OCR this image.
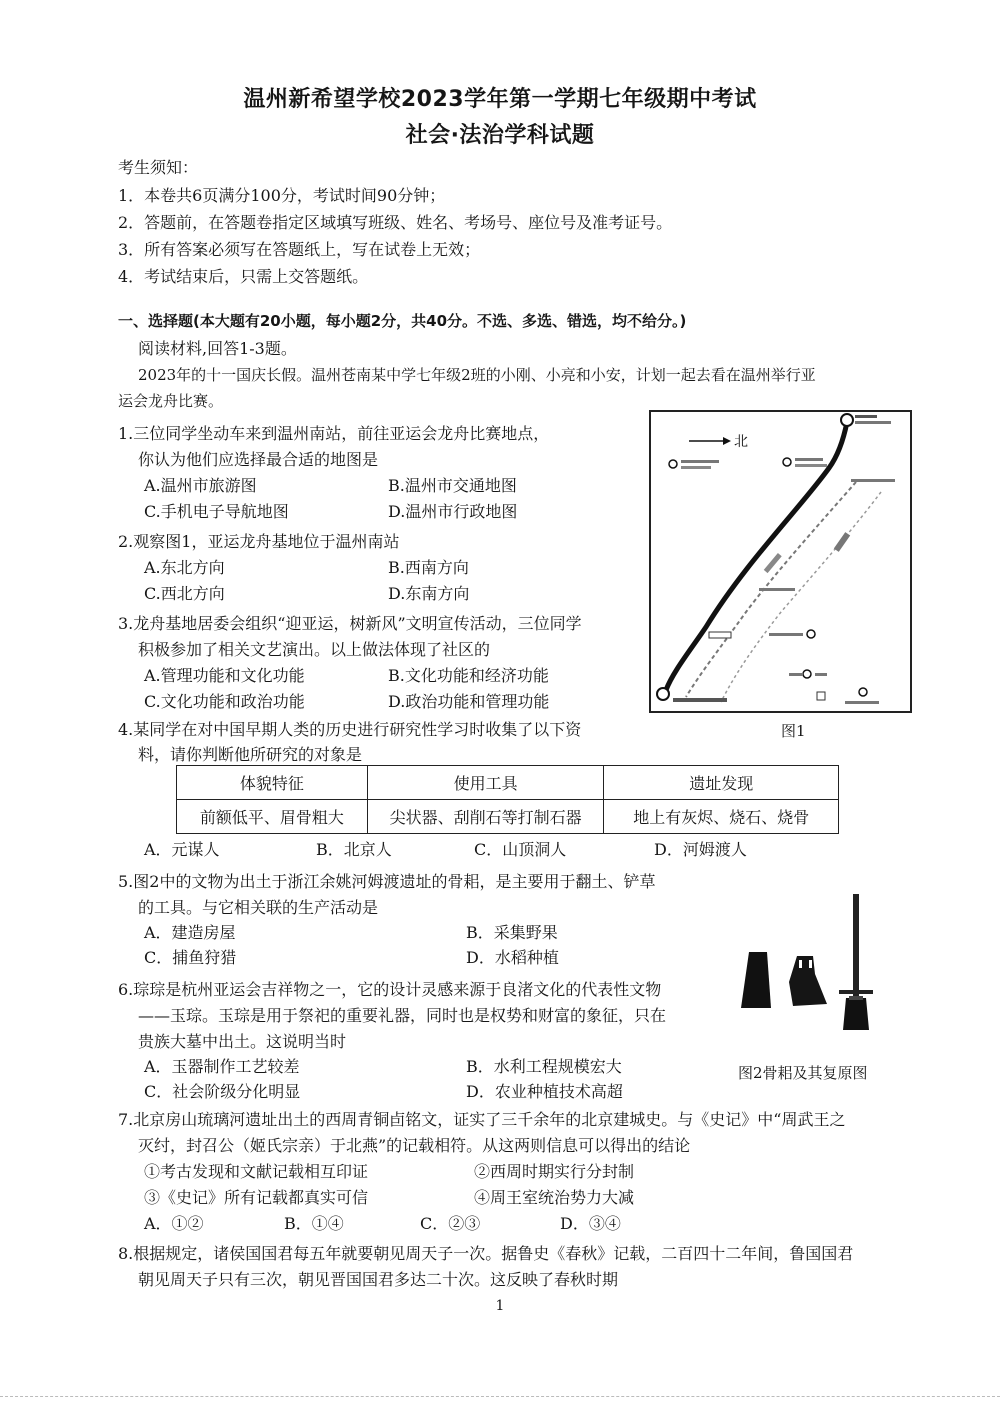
温州新希望学校2023学年第一学期七年级期中考试
社会·法治学科试题
考生须知：
1．本卷共6页满分100分，考试时间90分钟；
2．答题前，在答题卷指定区域填写班级、姓名、考场号、座位号及准考证号。
3．所有答案必须写在答题纸上，写在试卷上无效；
4．考试结束后，只需上交答题纸。
一、选择题(本大题有20小题，每小题2分，共40分。不选、多选、错选，均不给分。)
阅读材料,回答1-3题。
2023年的十一国庆长假。温州苍南某中学七年级2班的小刚、小亮和小安，计划一起去看在温州举行亚
运会龙舟比赛。
1.三位同学坐动车来到温州南站，前往亚运会龙舟比赛地点，
你认为他们应选择最合适的地图是
A.温州市旅游图	B.温州市交通地图
C.手机电子导航地图	D.温州市行政地图
2.观察图1，亚运龙舟基地位于温州南站
A.东北方向	B.西南方向
C.西北方向	D.东南方向
3.龙舟基地居委会组织“迎亚运，树新风”文明宣传活动，三位同学
积极参加了相关文艺演出。以上做法体现了社区的
A.管理功能和文化功能	B.文化功能和经济功能
C.文化功能和政治功能	D.政治功能和管理功能
北
图1
4.某同学在对中国早期人类的历史进行研究性学习时收集了以下资
料，请你判断他所研究的对象是
体貌特征	使用工具	遗址发现
前额低平、眉骨粗大	尖状器、刮削石等打制石器	地上有灰烬、烧石、烧骨
A．元谋人	B．北京人	C．山顶洞人	D．河姆渡人
5.图2中的文物为出土于浙江余姚河姆渡遗址的骨耜，是主要用于翻土、铲草
的工具。与它相关联的生产活动是
A．建造房屋	B．采集野果
C．捕鱼狩猎	D．水稻种植
图2骨耜及其复原图
6.琮琮是杭州亚运会吉祥物之一，它的设计灵感来源于良渚文化的代表性文物
——玉琮。玉琮是用于祭祀的重要礼器，同时也是权势和财富的象征，只在
贵族大墓中出土。这说明当时
A．玉器制作工艺较差	B．水利工程规模宏大
C．社会阶级分化明显	D．农业种植技术高超
7.北京房山琉璃河遗址出土的西周青铜卣铭文，证实了三千余年的北京建城史。与《史记》中“周武王之
灭纣，封召公（姬氏宗亲）于北燕”的记载相符。从这两则信息可以得出的结论
①考古发现和文献记载相互印证	②西周时期实行分封制
③《史记》所有记载都真实可信	④周王室统治势力大减
A．①②	B．①④	C．②③	D．③④
8.根据规定，诸侯国国君每五年就要朝见周天子一次。据鲁史《春秋》记载，二百四十二年间，鲁国国君
朝见周天子只有三次，朝见晋国国君多达二十次。这反映了春秋时期
1
